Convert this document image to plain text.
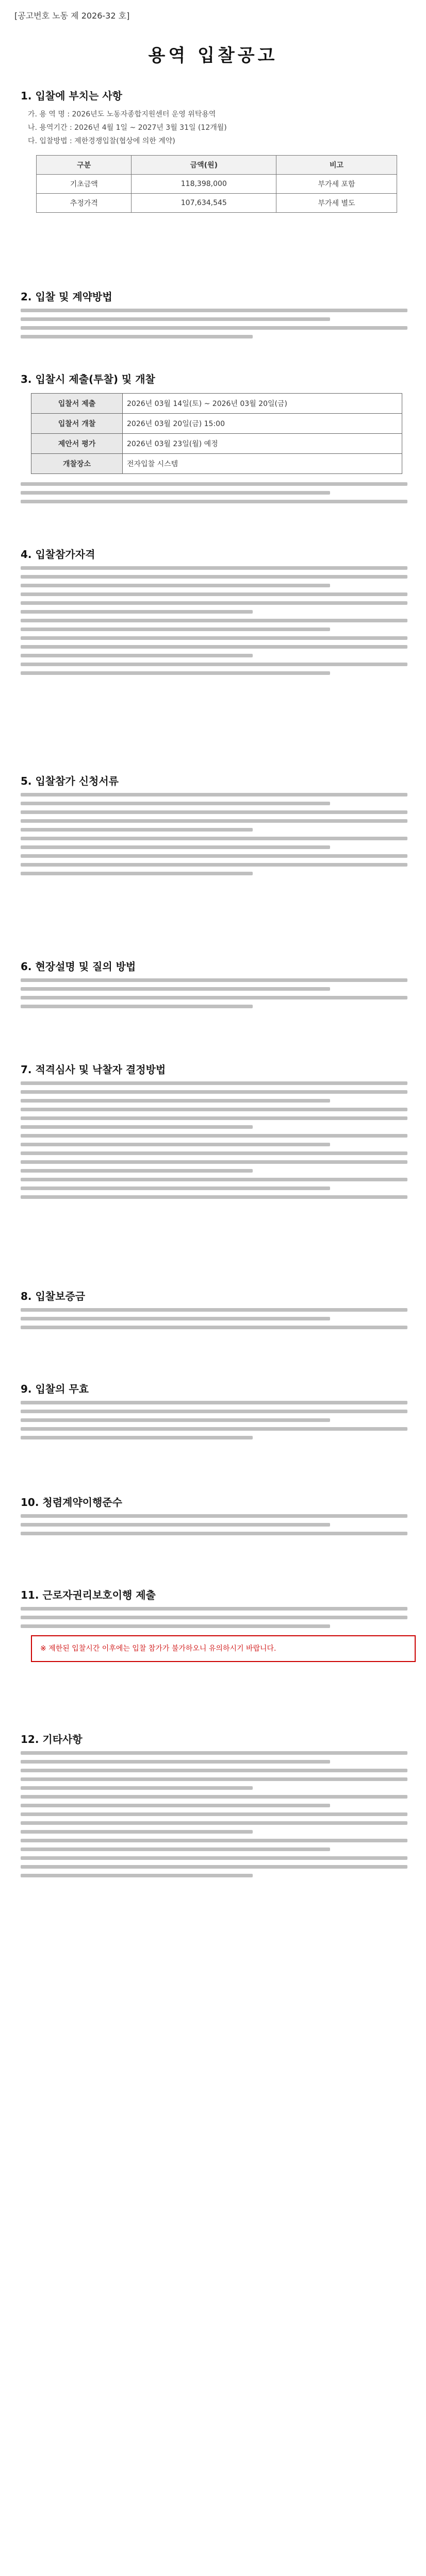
[공고번호 노동 제 2026-32 호]
용역 입찰공고
1. 입찰에 부치는 사항
가. 용 역 명 : 2026년도 노동자종합지원센터 운영 위탁용역
나. 용역기간 : 2026년 4월 1일 ~ 2027년 3월 31일 (12개월)
다. 입찰방법 : 제한경쟁입찰(협상에 의한 계약)
구분	금액(원)	비고
기초금액	118,398,000	부가세 포함
추정가격	107,634,545	부가세 별도
2. 입찰 및 계약방법
3. 입찰시 제출(투찰) 및 개찰
입찰서 제출	2026년 03월 14일(토) ~ 2026년 03월 20일(금)
입찰서 개찰	2026년 03월 20일(금) 15:00
제안서 평가	2026년 03월 23일(월) 예정
개찰장소	전자입찰 시스템
4. 입찰참가자격
5. 입찰참가 신청서류
6. 현장설명 및 질의 방법
7. 적격심사 및 낙찰자 결정방법
8. 입찰보증금
9. 입찰의 무효
10. 청렴계약이행준수
11. 근로자권리보호이행 제출
※ 제한된 입찰시간 이후에는 입찰 참가가 불가하오니 유의하시기 바랍니다.
12. 기타사항
